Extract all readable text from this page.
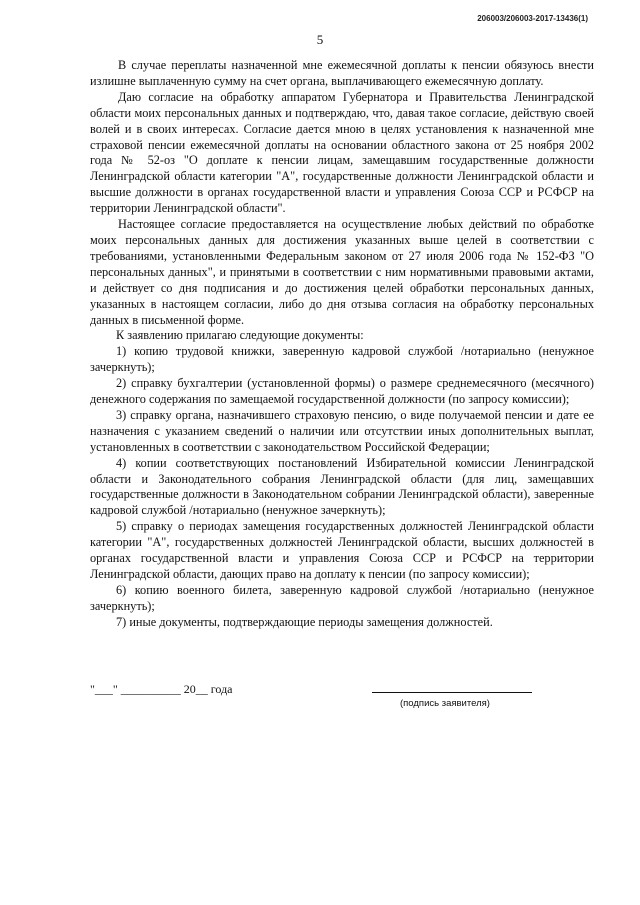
206003/206003-2017-13436(1)
5

В случае переплаты назначенной мне ежемесячной доплаты к пенсии обязуюсь внести излишне выплаченную сумму на счет органа, выплачивающего ежемесячную доплату.

Даю согласие на обработку аппаратом Губернатора и Правительства Ленинградской области моих персональных данных и подтверждаю, что, давая такое согласие, действую своей волей и в своих интересах. Согласие дается мною в целях установления к назначенной мне страховой пенсии ежемесячной доплаты на основании областного закона от 25 ноября 2002 года № 52-оз "О доплате к пенсии лицам, замещавшим государственные должности Ленинградской области категории "А", государственные должности Ленинградской области и высшие должности в органах государственной власти и управления Союза ССР и РСФСР на территории Ленинградской области".

Настоящее согласие предоставляется на осуществление любых действий по обработке моих персональных данных для достижения указанных выше целей в соответствии с требованиями, установленными Федеральным законом от 27 июля 2006 года № 152-ФЗ "О персональных данных", и принятыми в соответствии с ним нормативными правовыми актами, и действует со дня подписания и до достижения целей обработки персональных данных, указанных в настоящем согласии, либо до дня отзыва согласия на обработку персональных данных в письменной форме.

К заявлению прилагаю следующие документы:

1) копию трудовой книжки, заверенную кадровой службой /нотариально (ненужное зачеркнуть);

2) справку бухгалтерии (установленной формы) о размере среднемесячного (месячного) денежного содержания по замещаемой государственной должности (по запросу комиссии);

3) справку органа, назначившего страховую пенсию, о виде получаемой пенсии и дате ее назначения с указанием сведений о наличии или отсутствии иных дополнительных выплат, установленных в соответствии с законодательством Российской Федерации;

4) копии соответствующих постановлений Избирательной комиссии Ленинградской области и Законодательного собрания Ленинградской области (для лиц, замещавших государственные должности в Законодательном собрании Ленинградской области), заверенные кадровой службой /нотариально (ненужное зачеркнуть);

5) справку о периодах замещения государственных должностей Ленинградской области категории "А", государственных должностей Ленинградской области, высших должностей в органах государственной власти и управления Союза ССР и РСФСР на территории Ленинградской области, дающих право на доплату к пенсии (по запросу комиссии);

6) копию военного билета, заверенную кадровой службой /нотариально (ненужное зачеркнуть);

7) иные документы, подтверждающие периоды замещения должностей.

"___" __________ 20__ года
(подпись заявителя)
